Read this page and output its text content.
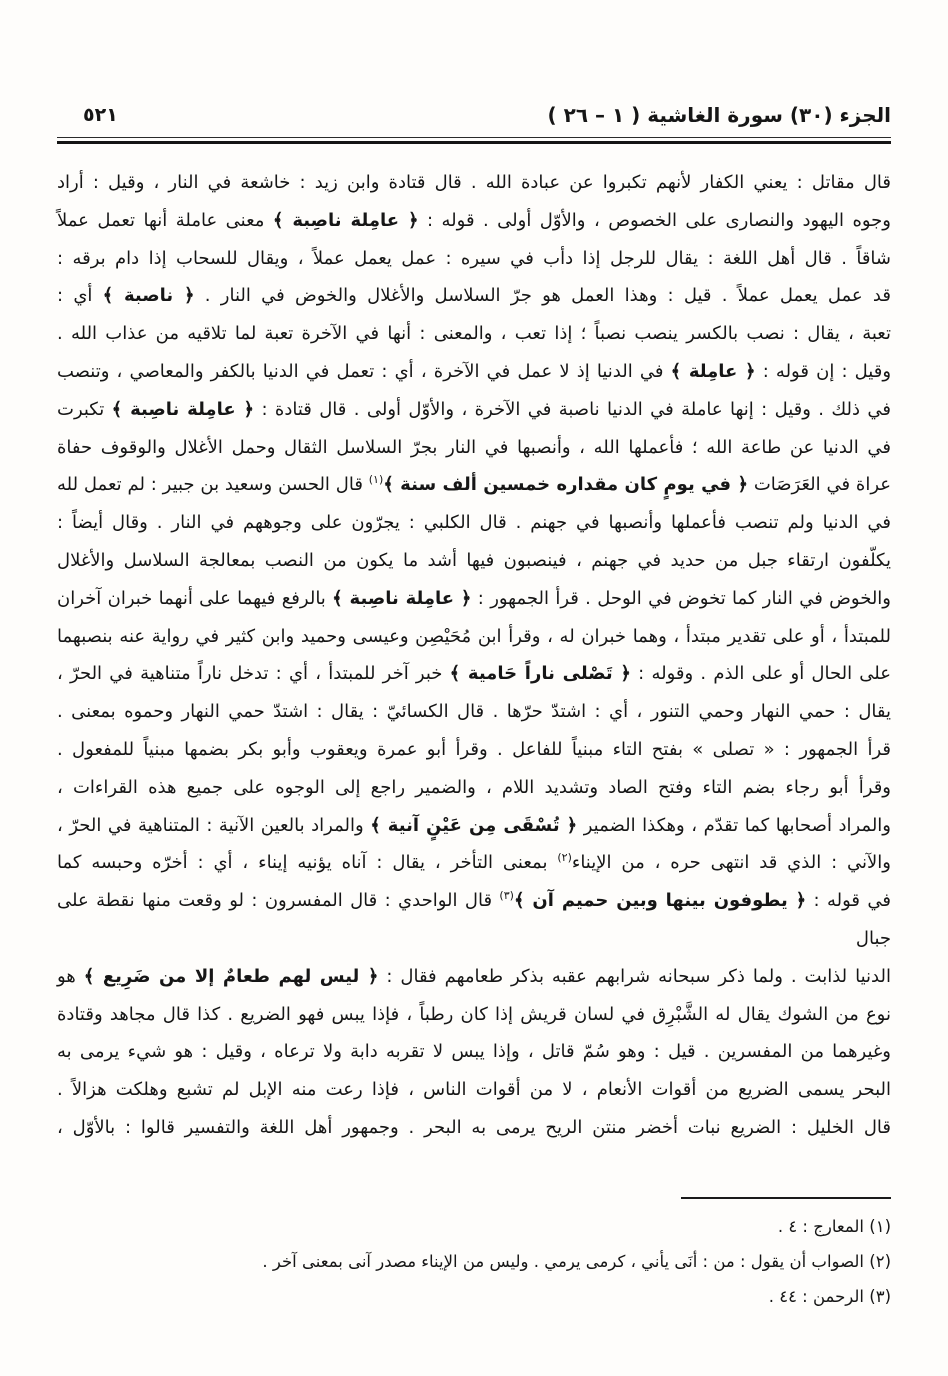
الجزء (٣٠) سورة الغاشية ( ١ – ٢٦ )
٥٢١
قال مقاتل : يعني الكفار لأنهم تكبروا عن عبادة الله . قال قتادة وابن زيد : خاشعة في النار ، وقيل : أراد
وجوه اليهود والنصارى على الخصوص ، والأوّل أولى . قوله : ﴿ عامِلة ناصِبة ﴾ معنى عاملة أنها تعمل عملاً
شاقاً . قال أهل اللغة : يقال للرجل إذا دأب في سيره : عمل يعمل عملاً ، ويقال للسحاب إذا دام برقه :
قد عمل يعمل عملاً . قيل : وهذا العمل هو جرّ السلاسل والأغلال والخوض في النار . ﴿ ناصبة ﴾ أي :
تعبة ، يقال : نصب بالكسر ينصب نصباً ؛ إذا تعب ، والمعنى : أنها في الآخرة تعبة لما تلاقيه من عذاب الله .
وقيل : إن قوله : ﴿ عامِلة ﴾ في الدنيا إذ لا عمل في الآخرة ، أي : تعمل في الدنيا بالكفر والمعاصي ، وتنصب
في ذلك . وقيل : إنها عاملة في الدنيا ناصبة في الآخرة ، والأوّل أولى . قال قتادة : ﴿ عامِلة ناصِبة ﴾ تكبرت
في الدنيا عن طاعة الله ؛ فأعملها الله ، وأنصبها في النار بجرّ السلاسل الثقال وحمل الأغلال والوقوف حفاة
عراة في العَرَصَات ﴿ في يومٍ كان مقداره خمسين ألف سنة ﴾$^{(١)}$ قال الحسن وسعيد بن جبير : لم تعمل لله
في الدنيا ولم تنصب فأعملها وأنصبها في جهنم . قال الكلبي : يجرّون على وجوههم في النار . وقال أيضاً :
يكلّفون ارتقاء جبل من حديد في جهنم ، فينصبون فيها أشد ما يكون من النصب بمعالجة السلاسل والأغلال
والخوض في النار كما تخوض في الوحل . قرأ الجمهور : ﴿ عامِلة ناصِبة ﴾ بالرفع فيهما على أنهما خبران آخران
للمبتدأ ، أو على تقدير مبتدأ ، وهما خبران له ، وقرأ ابن مُحَيْصِن وعيسى وحميد وابن كثير في رواية عنه بنصبهما
على الحال أو على الذم . وقوله : ﴿ تَصْلى ناراً حَامية ﴾ خبر آخر للمبتدأ ، أي : تدخل ناراً متناهية في الحرّ ،
يقال : حمي النهار وحمي التنور ، أي : اشتدّ حرّها . قال الكسائيّ : يقال : اشتدّ حمي النهار وحموه بمعنى .
قرأ الجمهور : « تصلى » بفتح التاء مبنياً للفاعل . وقرأ أبو عمرة ويعقوب وأبو بكر بضمها مبنياً للمفعول .
وقرأ أبو رجاء بضم التاء وفتح الصاد وتشديد اللام ، والضمير راجع إلى الوجوه على جميع هذه القراءات ،
والمراد أصحابها كما تقدّم ، وهكذا الضمير ﴿ تُسْقَى مِن عَيْنٍ آنية ﴾ والمراد بالعين الآنية : المتناهية في الحرّ ،
والآني : الذي قد انتهى حره ، من الإيناء$^{(٢)}$ بمعنى التأخر ، يقال : آناه يؤنيه إيناء ، أي : أخرّه وحبسه كما
في قوله : ﴿ يطوفون بينها وبين حميم آن ﴾$^{(٣)}$ قال الواحدي : قال المفسرون : لو وقعت منها نقطة على جبال
الدنيا لذابت . ولما ذكر سبحانه شرابهم عقبه بذكر طعامهم فقال : ﴿ ليس لهم طعامٌ إلا من ضَرِيع ﴾ هو
نوع من الشوك يقال له الشَّبْرِق في لسان قريش إذا كان رطباً ، فإذا يبس فهو الضريع . كذا قال مجاهد وقتادة
وغيرهما من المفسرين . قيل : وهو سُمّ قاتل ، وإذا يبس لا تقربه دابة ولا ترعاه ، وقيل : هو شيء يرمى به
البحر يسمى الضريع من أقوات الأنعام ، لا من أقوات الناس ، فإذا رعت منه الإبل لم تشبع وهلكت هزالاً .
قال الخليل : الضريع نبات أخضر منتن الريح يرمى به البحر . وجمهور أهل اللغة والتفسير قالوا : بالأوّل ،
(١) المعارج : ٤ .
(٢) الصواب أن يقول : من : أنَى يأني ، كرمى يرمي . وليس من الإيناء مصدر آنى بمعنى آخر .
(٣) الرحمن : ٤٤ .
